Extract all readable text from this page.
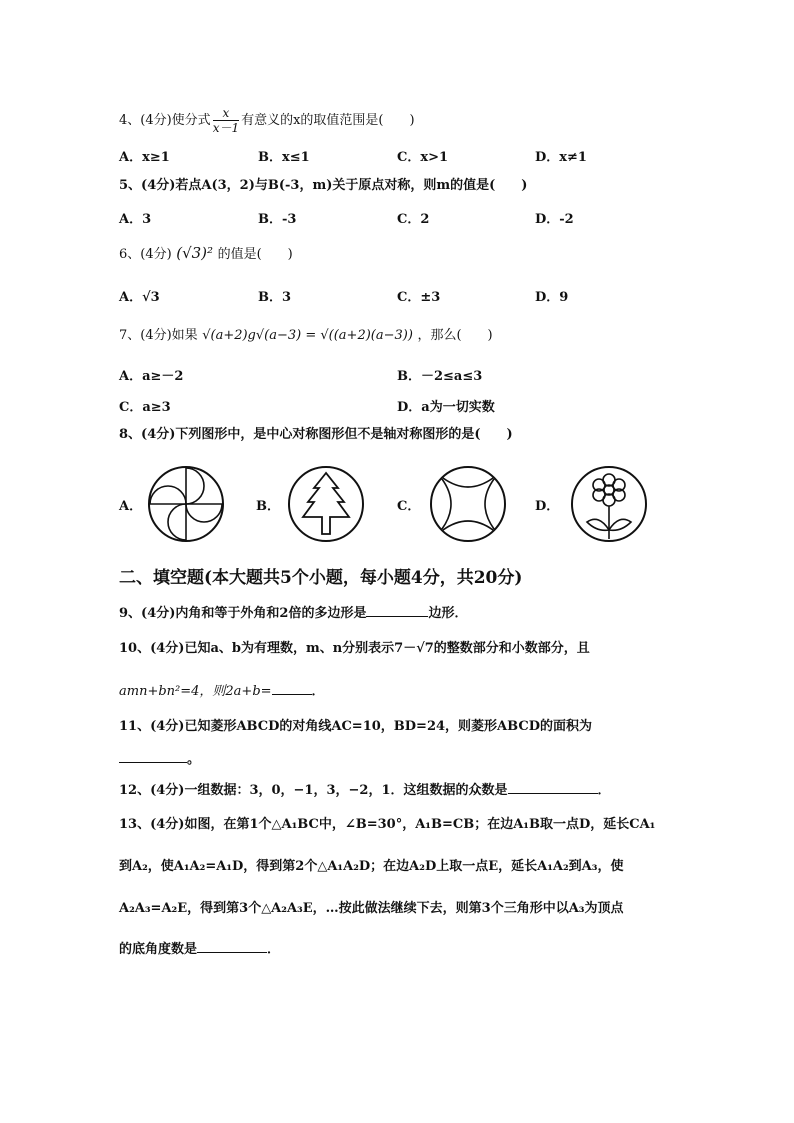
4、(4分)使分式 $\frac{x}{x-1}$ 有意义的x的取值范围是(　　)
A．x≥1	B．x≤1	C．x>1	D．x≠1
5、(4分)若点A(3，2)与B(-3，m)关于原点对称，则m的值是(　　)
A．3	B．-3	C．2	D．-2
6、(4分) (√3)² 的值是(　　)
A．√3	B．3	C．±3	D．9
7、(4分)如果 √(a+2)g√(a−3) = √((a+2)(a−3)) ，那么(　　)
A．a≥－2	B．－2≤a≤3
C．a≥3	D．a为一切实数
8、(4分)下列图形中，是中心对称图形但不是轴对称图形的是(　　)
A．	B．	C．	D．
二、填空题(本大题共5个小题，每小题4分，共20分)
9、(4分)内角和等于外角和2倍的多边形是	边形．
10、(4分)已知a、b为有理数，m、n分别表示7－√7的整数部分和小数部分，且
amn+bn²=4，则2a+b=	．
11、(4分)已知菱形ABCD的对角线AC=10，BD=24，则菱形ABCD的面积为
。
12、(4分)一组数据：3，0，−1，3，−2，1．这组数据的众数是	．
13、(4分)如图，在第1个△A₁BC中，∠B=30°，A₁B=CB；在边A₁B取一点D，延长CA₁
到A₂，使A₁A₂=A₁D，得到第2个△A₁A₂D；在边A₂D上取一点E，延长A₁A₂到A₃，使
A₂A₃=A₂E，得到第3个△A₂A₃E，…按此做法继续下去，则第3个三角形中以A₃为顶点
的底角度数是	．
